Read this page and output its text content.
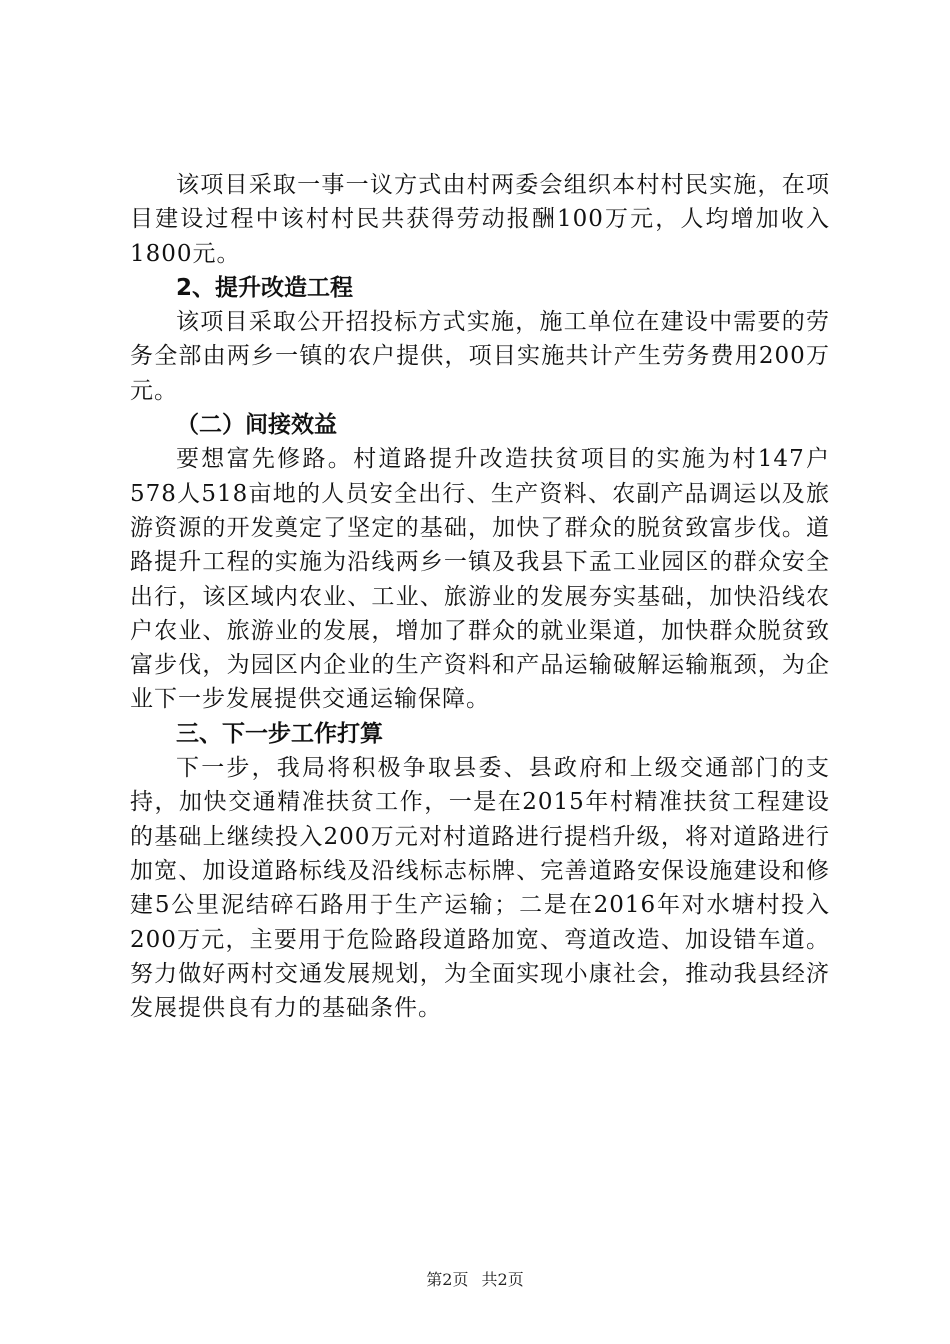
该项目采取一事一议方式由村两委会组织本村村民实施，在项目建设过程中该村村民共获得劳动报酬100万元，人均增加收入1800元。

2、提升改造工程

该项目采取公开招投标方式实施，施工单位在建设中需要的劳务全部由两乡一镇的农户提供，项目实施共计产生劳务费用200万元。

（二）间接效益

要想富先修路。村道路提升改造扶贫项目的实施为村147户578人518亩地的人员安全出行、生产资料、农副产品调运以及旅游资源的开发奠定了坚定的基础，加快了群众的脱贫致富步伐。道路提升工程的实施为沿线两乡一镇及我县下孟工业园区的群众安全出行，该区域内农业、工业、旅游业的发展夯实基础，加快沿线农户农业、旅游业的发展，增加了群众的就业渠道，加快群众脱贫致富步伐，为园区内企业的生产资料和产品运输破解运输瓶颈，为企业下一步发展提供交通运输保障。

三、下一步工作打算

下一步，我局将积极争取县委、县政府和上级交通部门的支持，加快交通精准扶贫工作，一是在2015年村精准扶贫工程建设的基础上继续投入200万元对村道路进行提档升级，将对道路进行加宽、加设道路标线及沿线标志标牌、完善道路安保设施建设和修建5公里泥结碎石路用于生产运输；二是在2016年对水塘村投入200万元，主要用于危险路段道路加宽、弯道改造、加设错车道。努力做好两村交通发展规划，为全面实现小康社会，推动我县经济发展提供良有力的基础条件。

第2页 共2页
